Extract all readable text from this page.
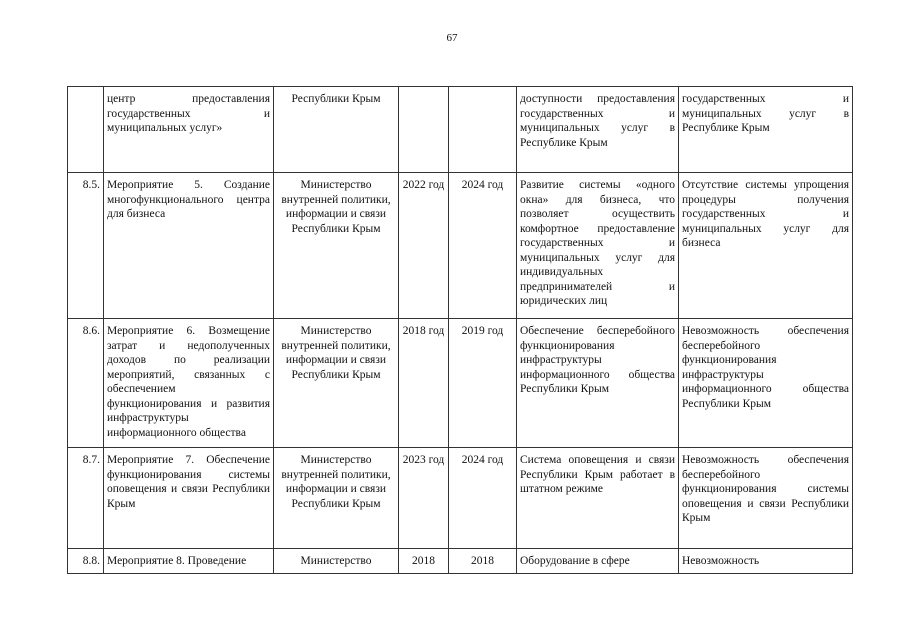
67
	центр предоставления государственных и муниципальных услуг»	Республики Крым			доступности предоставления государственных и муниципальных услуг в Республике Крым	государственных и муниципальных услуг в Республике Крым
8.5.	Мероприятие 5. Создание многофункционального центра для бизнеса	Министерство внутренней политики, информации и связи Республики Крым	2022 год	2024 год	Развитие системы «одного окна» для бизнеса, что позволяет осуществить комфортное предоставление государственных и муниципальных услуг для индивидуальных предпринимателей и юридических лиц	Отсутствие системы упрощения процедуры получения государственных и муниципальных услуг для бизнеса
8.6.	Мероприятие 6. Возмещение затрат и недополученных доходов по реализации мероприятий, связанных с обеспечением функционирования и развития инфраструктуры информационного общества	Министерство внутренней политики, информации и связи Республики Крым	2018 год	2019 год	Обеспечение бесперебойного функционирования инфраструктуры информационного общества Республики Крым	Невозможность обеспечения бесперебойного функционирования инфраструктуры информационного общества Республики Крым
8.7.	Мероприятие 7. Обеспечение функционирования системы оповещения и связи Республики Крым	Министерство внутренней политики, информации и связи Республики Крым	2023 год	2024 год	Система оповещения и связи Республики Крым работает в штатном режиме	Невозможность обеспечения бесперебойного функционирования системы оповещения и связи Республики Крым
8.8.	Мероприятие 8. Проведение	Министерство	2018	2018	Оборудование в сфере	Невозможность
